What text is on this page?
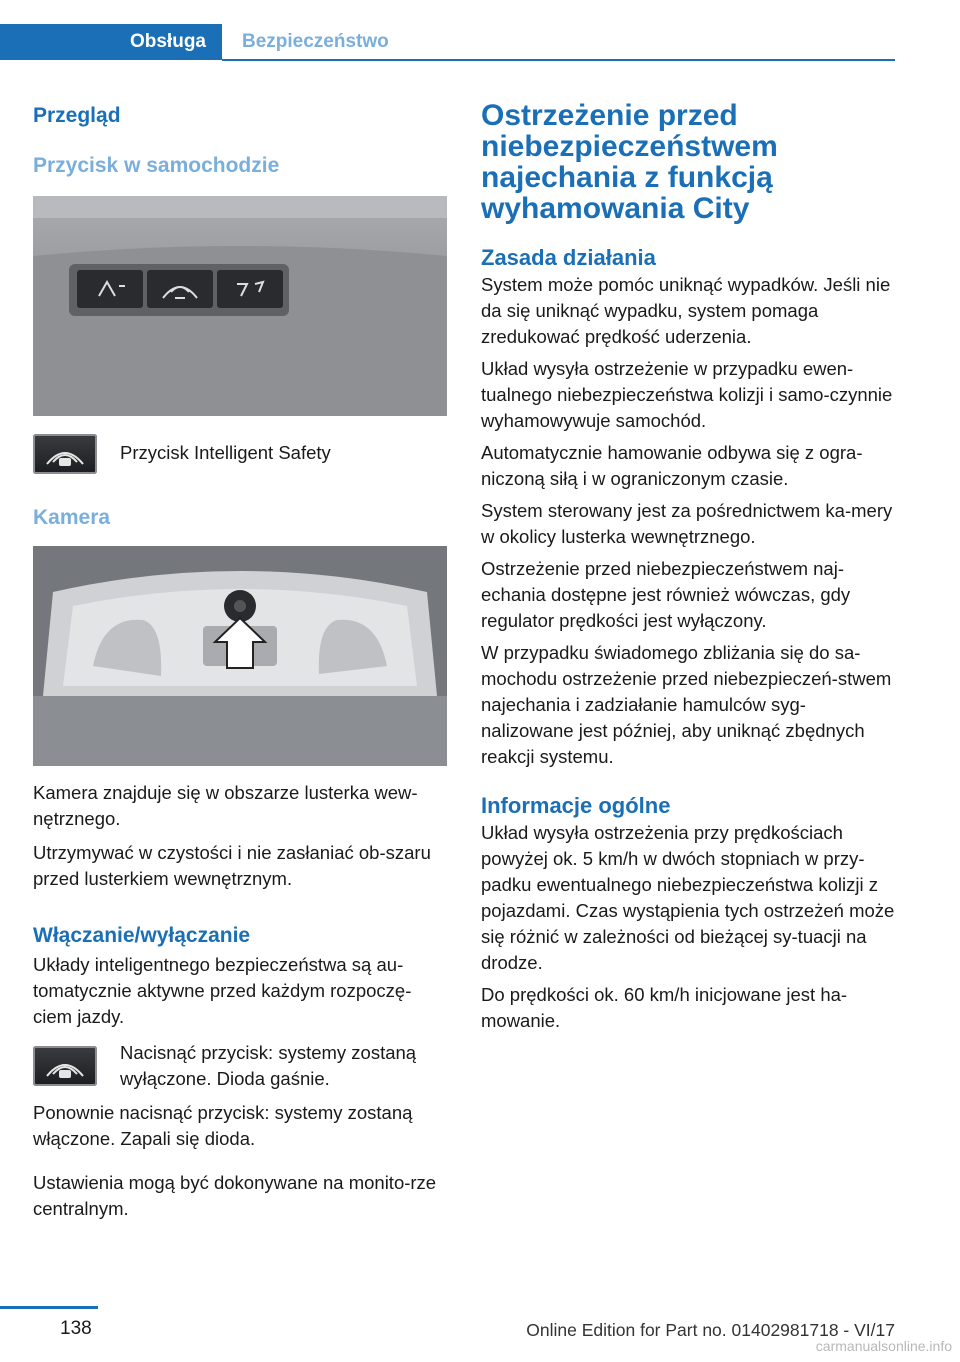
Obsługa	Bezpieczeństwo
Przegląd
Przycisk w samochodzie

Przycisk Intelligent Safety

Kamera

Kamera znajduje się w obszarze lusterka wew-nętrznego.

Utrzymywać w czystości i nie zasłaniać ob-szaru przed lusterkiem wewnętrznym.

Włączanie/wyłączanie

Układy inteligentnego bezpieczeństwa są au-tomatycznie aktywne przed każdym rozpoczę-ciem jazdy.

Nacisnąć przycisk: systemy zostaną wyłączone. Dioda gaśnie.

Ponownie nacisnąć przycisk: systemy zostaną włączone. Zapali się dioda.

Ustawienia mogą być dokonywane na monito-rze centralnym.

Ostrzeżenie przed niebezpieczeństwem najechania z funkcją wyhamowania City
Zasada działania

System może pomóc uniknąć wypadków. Jeśli nie da się uniknąć wypadku, system pomaga zredukować prędkość uderzenia.

Układ wysyła ostrzeżenie w przypadku ewen-tualnego niebezpieczeństwa kolizji i samo-czynnie wyhamowywuje samochód.

Automatycznie hamowanie odbywa się z ogra-niczoną siłą i w ograniczonym czasie.

System sterowany jest za pośrednictwem ka-mery w okolicy lusterka wewnętrznego.

Ostrzeżenie przed niebezpieczeństwem naj-echania dostępne jest również wówczas, gdy regulator prędkości jest wyłączony.

W przypadku świadomego zbliżania się do sa-mochodu ostrzeżenie przed niebezpieczeń-stwem najechania i zadziałanie hamulców syg-nalizowane jest później, aby uniknąć zbędnych reakcji systemu.

Informacje ogólne

Układ wysyła ostrzeżenia przy prędkościach powyżej ok. 5 km/h w dwóch stopniach w przy-padku ewentualnego niebezpieczeństwa kolizji z pojazdami. Czas wystąpienia tych ostrzeżeń może się różnić w zależności od bieżącej sy-tuacji na drodze.

Do prędkości ok. 60 km/h inicjowane jest ha-mowanie.

138	Online Edition for Part no. 01402981718 - VI/17
carmanualsonline.info
